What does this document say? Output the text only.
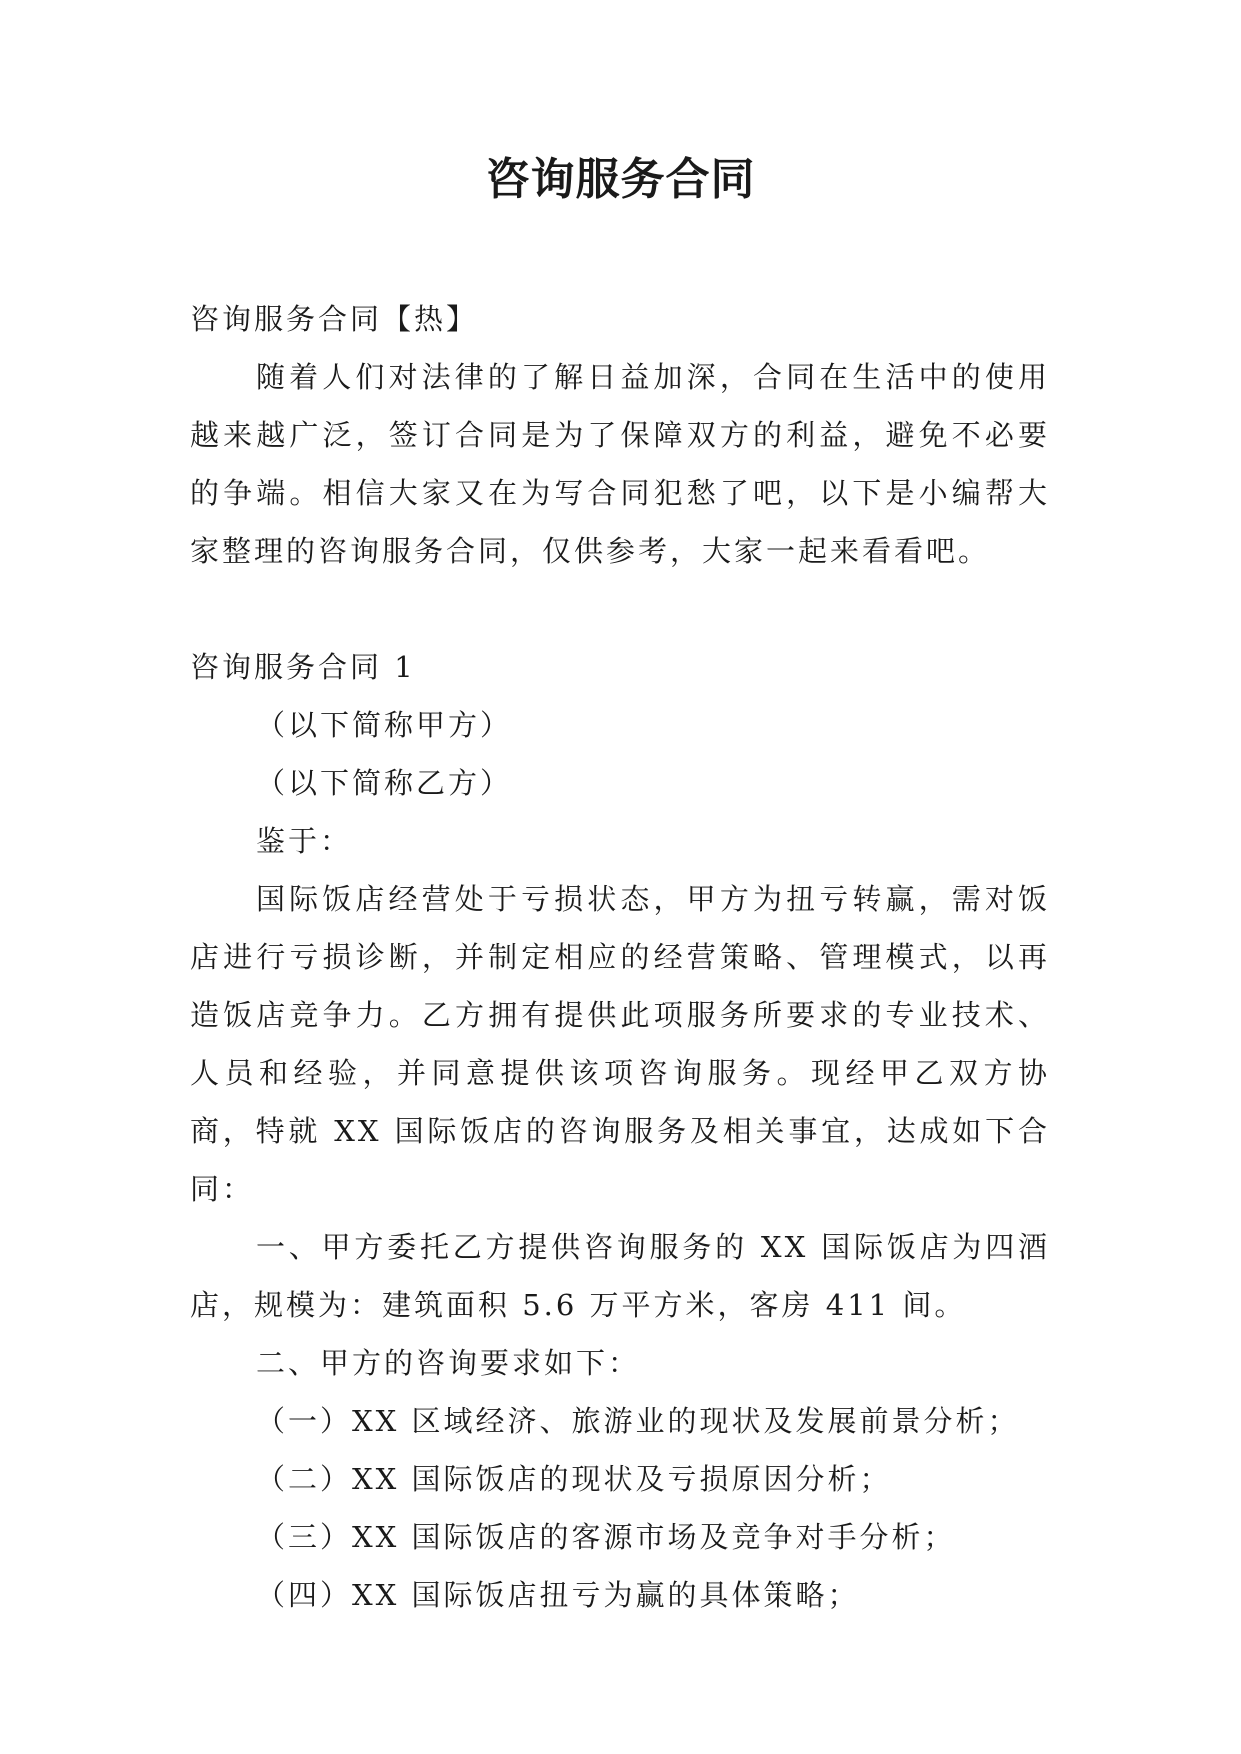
咨询服务合同

咨询服务合同【热】

随着人们对法律的了解日益加深，合同在生活中的使用越来越广泛，签订合同是为了保障双方的利益，避免不必要的争端。相信大家又在为写合同犯愁了吧，以下是小编帮大家整理的咨询服务合同，仅供参考，大家一起来看看吧。

咨询服务合同 1

（以下简称甲方）

（以下简称乙方）

鉴于：

国际饭店经营处于亏损状态，甲方为扭亏转赢，需对饭店进行亏损诊断，并制定相应的经营策略、管理模式，以再造饭店竞争力。乙方拥有提供此项服务所要求的专业技术、人员和经验，并同意提供该项咨询服务。现经甲乙双方协商，特就 XX 国际饭店的咨询服务及相关事宜，达成如下合同：

一、甲方委托乙方提供咨询服务的 XX 国际饭店为四酒店，规模为：建筑面积 5.6 万平方米，客房 411 间。

二、甲方的咨询要求如下：

（一）XX 区域经济、旅游业的现状及发展前景分析；

（二）XX 国际饭店的现状及亏损原因分析；

（三）XX 国际饭店的客源市场及竞争对手分析；

（四）XX 国际饭店扭亏为赢的具体策略；
